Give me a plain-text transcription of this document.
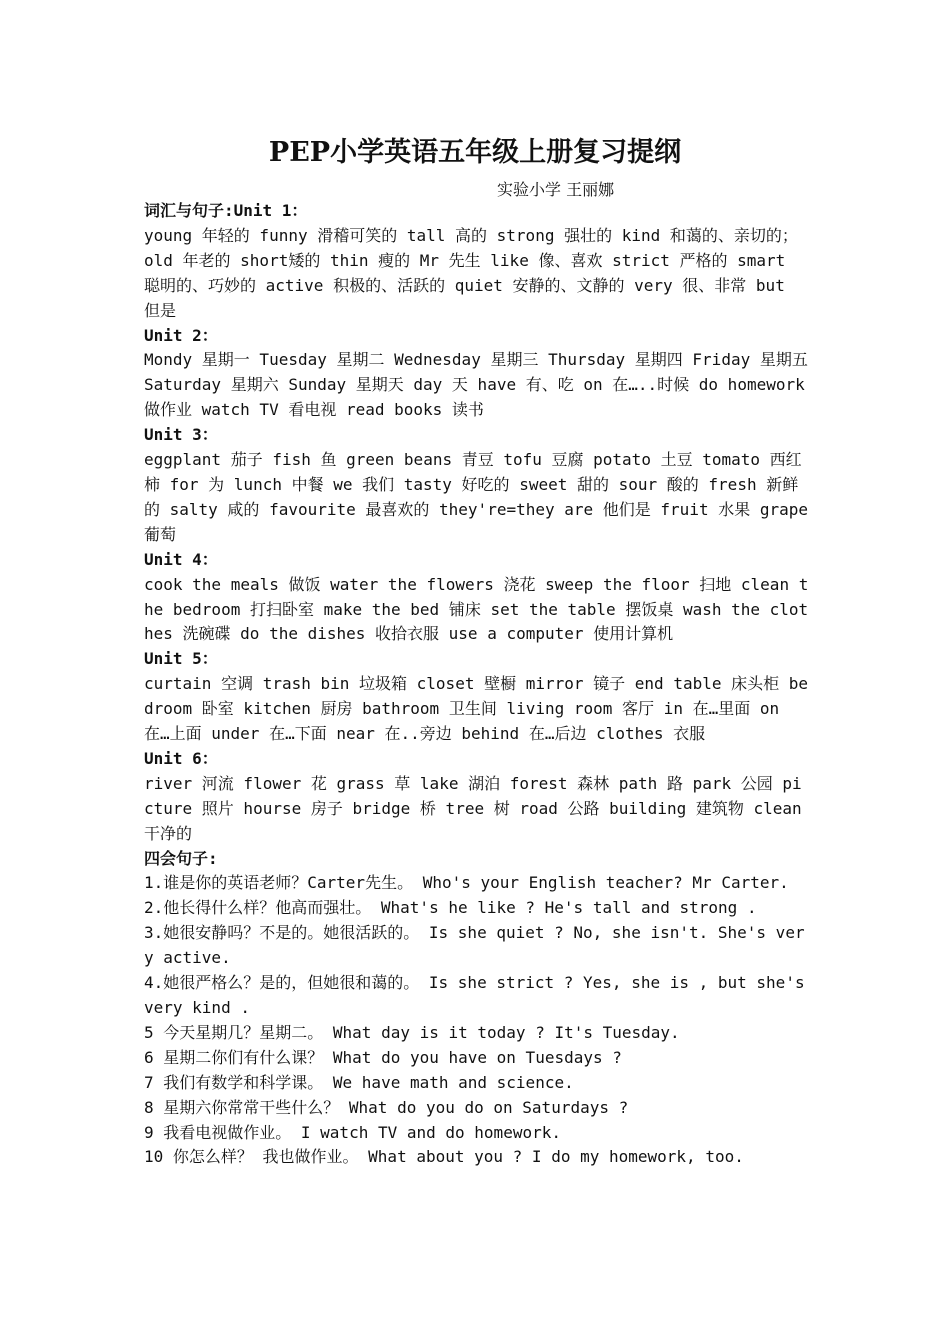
PEP小学英语五年级上册复习提纲

实验小学 王丽娜

词汇与句子:Unit 1：

young 年轻的 funny 滑稽可笑的 tall 高的 strong 强壮的 kind 和蔼的、亲切的； old 年老的 short矮的 thin 瘦的 Mr 先生 like 像、喜欢 strict 严格的 smart 聪明的、巧妙的 active 积极的、活跃的 quiet 安静的、文静的 very 很、非常 but 但是

Unit 2：

Mondy 星期一 Tuesday 星期二 Wednesday 星期三 Thursday 星期四 Friday 星期五 Saturday 星期六 Sunday 星期天 day 天 have 有、吃 on 在…..时候 do homework 做作业 watch TV 看电视 read books 读书

Unit 3：

eggplant 茄子 fish 鱼 green beans 青豆 tofu 豆腐 potato 土豆 tomato 西红柿 for 为 lunch 中餐 we 我们 tasty 好吃的 sweet 甜的 sour 酸的 fresh 新鲜的 salty 咸的 favourite 最喜欢的 they're=they are 他们是 fruit 水果 grape葡萄

Unit 4：

cook the meals 做饭 water the flowers 浇花 sweep the floor 扫地 clean the bedroom 打扫卧室 make the bed 铺床 set the table 摆饭桌 wash the clothes 洗碗碟 do the dishes 收拾衣服 use a computer 使用计算机

Unit 5：

curtain 空调 trash bin 垃圾箱 closet 壁橱 mirror 镜子 end table 床头柜 bedroom 卧室 kitchen 厨房 bathroom 卫生间 living room 客厅 in 在…里面 on 在…上面 under 在…下面 near 在..旁边 behind 在…后边 clothes 衣服

Unit 6：

river 河流 flower 花 grass 草 lake 湖泊 forest 森林 path 路 park 公园 picture 照片 hourse 房子 bridge 桥 tree 树 road 公路 building 建筑物 clean 干净的

四会句子:

1.谁是你的英语老师？Carter先生。 Who's your English teacher? Mr Carter.

2.他长得什么样？他高而强壮。 What's he like ? He's tall and strong .

3.她很安静吗？不是的。她很活跃的。 Is she quiet ? No, she isn't. She's very active.

4.她很严格么？是的，但她很和蔼的。 Is she strict ? Yes, she is , but she's very kind .

5 今天星期几？星期二。 What day is it today ? It's Tuesday.

6 星期二你们有什么课？ What do you have on Tuesdays ?

7 我们有数学和科学课。 We have math and science.

8 星期六你常常干些什么？ What do you do on Saturdays ?

9 我看电视做作业。 I watch TV and do homework.

10 你怎么样？ 我也做作业。 What about you ? I do my homework, too.
